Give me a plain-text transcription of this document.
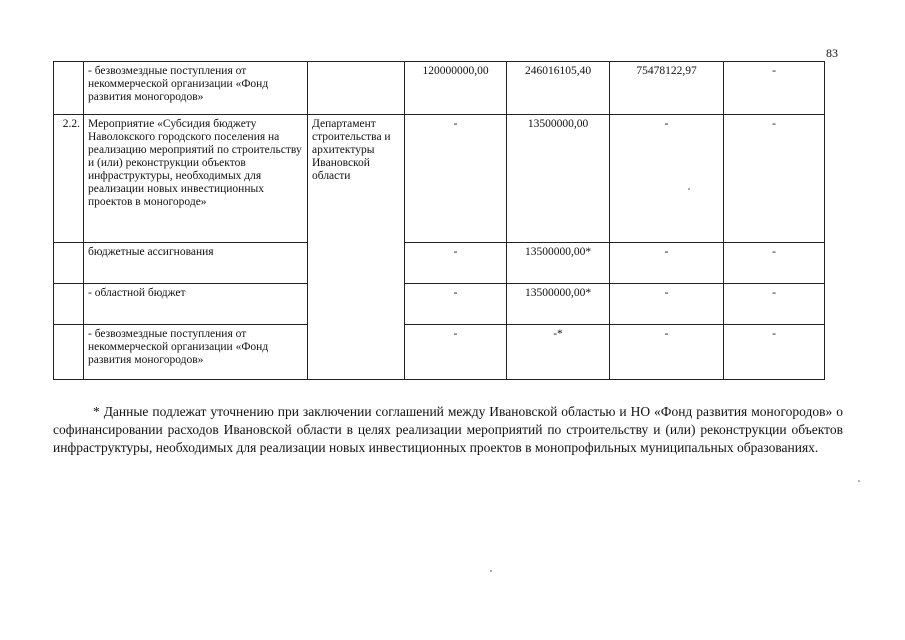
83
	- безвозмездные поступления от некоммерческой организации «Фонд развития моногородов»		120000000,00	246016105,40	75478122,97	-
2.2.	Мероприятие «Субсидия бюджету Наволокского городского поселения на реализацию мероприятий по строительству и (или) реконструкции объектов инфраструктуры, необходимых для реализации новых инвестиционных проектов в моногороде»	Департамент строительства и архитектуры Ивановской области	-	13500000,00	-	-
	бюджетные ассигнования		-	13500000,00*	-	-
	- областной бюджет		-	13500000,00*	-	-
	- безвозмездные поступления от некоммерческой организации «Фонд развития моногородов»		-	-*	-	-

* Данные подлежат уточнению при заключении соглашений между Ивановской областью и НО «Фонд развития моногородов» о софинансировании расходов Ивановской области в целях реализации мероприятий по строительству и (или) реконструкции объектов инфраструктуры, необходимых для реализации новых инвестиционных проектов в монопрофильных муниципальных образованиях.
